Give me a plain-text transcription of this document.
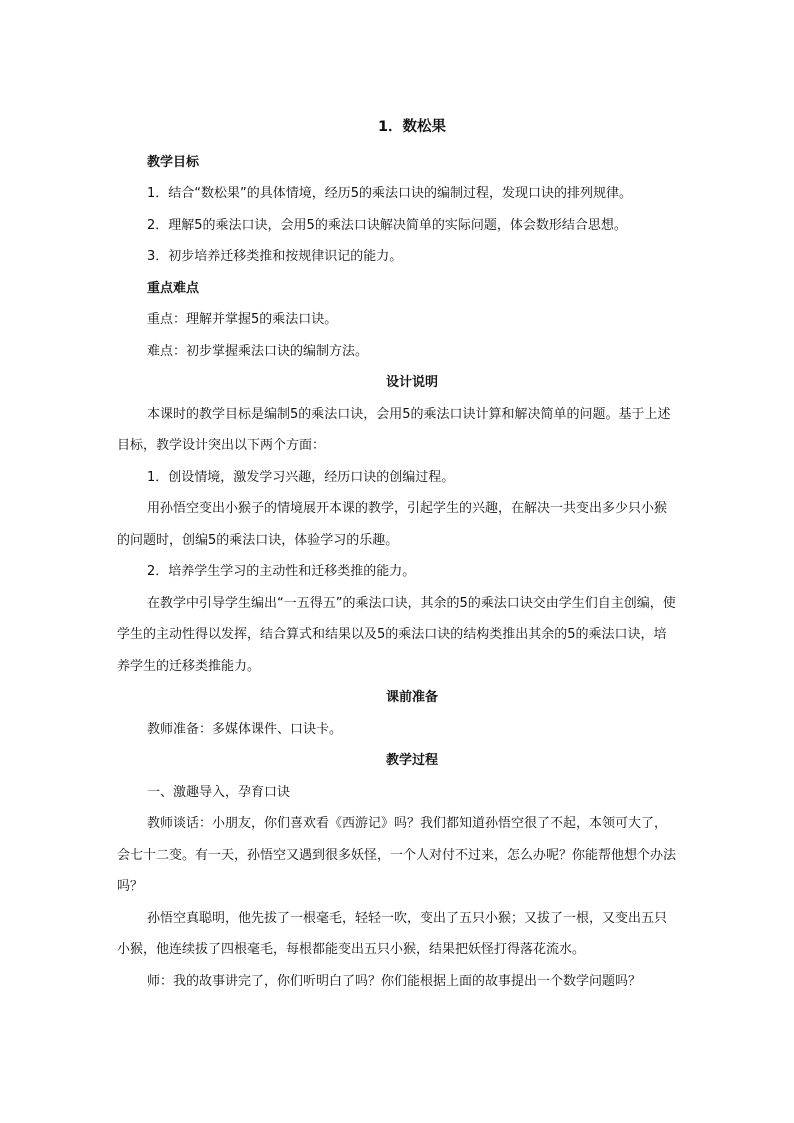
1．数松果
教学目标

1．结合“数松果”的具体情境，经历5的乘法口诀的编制过程，发现口诀的排列规律。

2．理解5的乘法口诀，会用5的乘法口诀解决简单的实际问题，体会数形结合思想。

3．初步培养迁移类推和按规律识记的能力。

重点难点

重点：理解并掌握5的乘法口诀。

难点：初步掌握乘法口诀的编制方法。

设计说明

本课时的教学目标是编制5的乘法口诀，会用5的乘法口诀计算和解决简单的问题。基于上述目标，教学设计突出以下两个方面：

1．创设情境，激发学习兴趣，经历口诀的创编过程。

用孙悟空变出小猴子的情境展开本课的教学，引起学生的兴趣，在解决一共变出多少只小猴的问题时，创编5的乘法口诀，体验学习的乐趣。

2．培养学生学习的主动性和迁移类推的能力。

在教学中引导学生编出“一五得五”的乘法口诀，其余的5的乘法口诀交由学生们自主创编，使学生的主动性得以发挥，结合算式和结果以及5的乘法口诀的结构类推出其余的5的乘法口诀，培养学生的迁移类推能力。

课前准备

教师准备：多媒体课件、口诀卡。

教学过程

一、激趣导入，孕育口诀

教师谈话：小朋友，你们喜欢看《西游记》吗？我们都知道孙悟空很了不起，本领可大了，会七十二变。有一天，孙悟空又遇到很多妖怪，一个人对付不过来，怎么办呢？你能帮他想个办法吗？

孙悟空真聪明，他先拔了一根毫毛，轻轻一吹，变出了五只小猴；又拔了一根，又变出五只小猴，他连续拔了四根毫毛，每根都能变出五只小猴，结果把妖怪打得落花流水。

师：我的故事讲完了，你们听明白了吗？你们能根据上面的故事提出一个数学问题吗？
